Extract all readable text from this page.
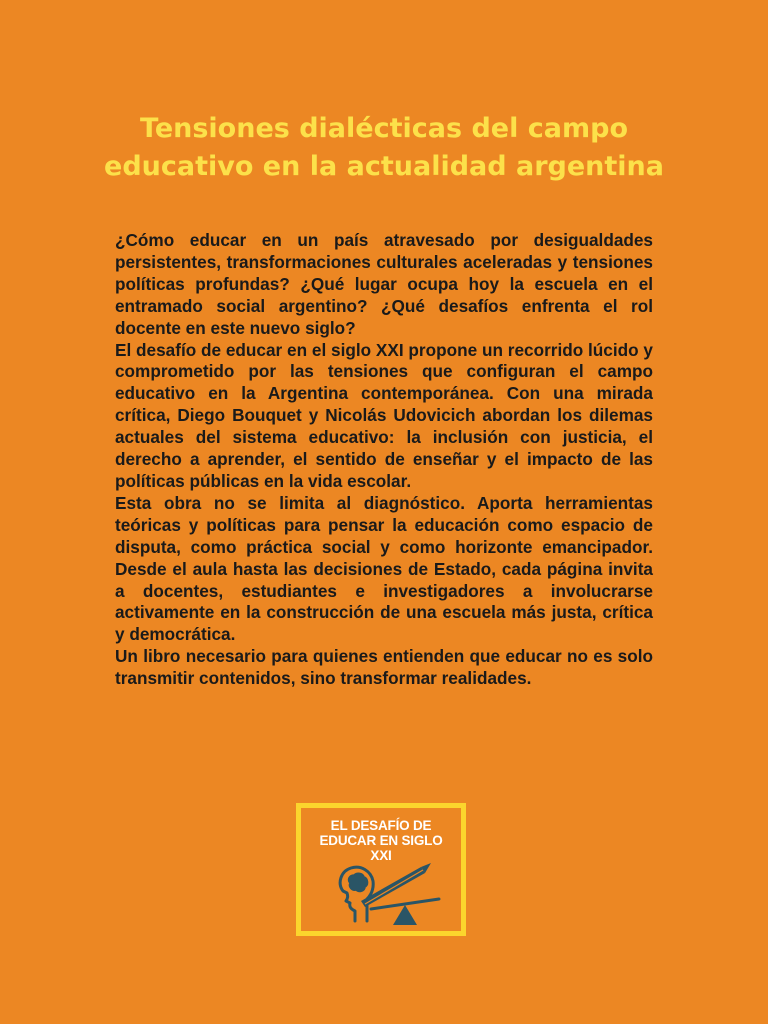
Tensiones dialécticas del campo
educativo en la actualidad argentina

¿Cómo educar en un país atravesado por desigualdades persistentes, transformaciones culturales aceleradas y tensiones políticas profundas? ¿Qué lugar ocupa hoy la escuela en el entramado social argentino? ¿Qué desafíos enfrenta el rol docente en este nuevo siglo?

El desafío de educar en el siglo XXI propone un recorrido lúcido y comprometido por las tensiones que configuran el campo educativo en la Argentina contemporánea. Con una mirada crítica, Diego Bouquet y Nicolás Udovicich abordan los dilemas actuales del sistema educativo: la inclusión con justicia, el derecho a aprender, el sentido de enseñar y el impacto de las políticas públicas en la vida escolar.

Esta obra no se limita al diagnóstico. Aporta herramientas teóricas y políticas para pensar la educación como espacio de disputa, como práctica social y como horizonte emancipador. Desde el aula hasta las decisiones de Estado, cada página invita a docentes, estudiantes e investigadores a involucrarse activamente en la construcción de una escuela más justa, crítica y democrática.

Un libro necesario para quienes entienden que educar no es solo transmitir contenidos, sino transformar realidades.

EL DESAFÍO DE
EDUCAR EN SIGLO
XXI
